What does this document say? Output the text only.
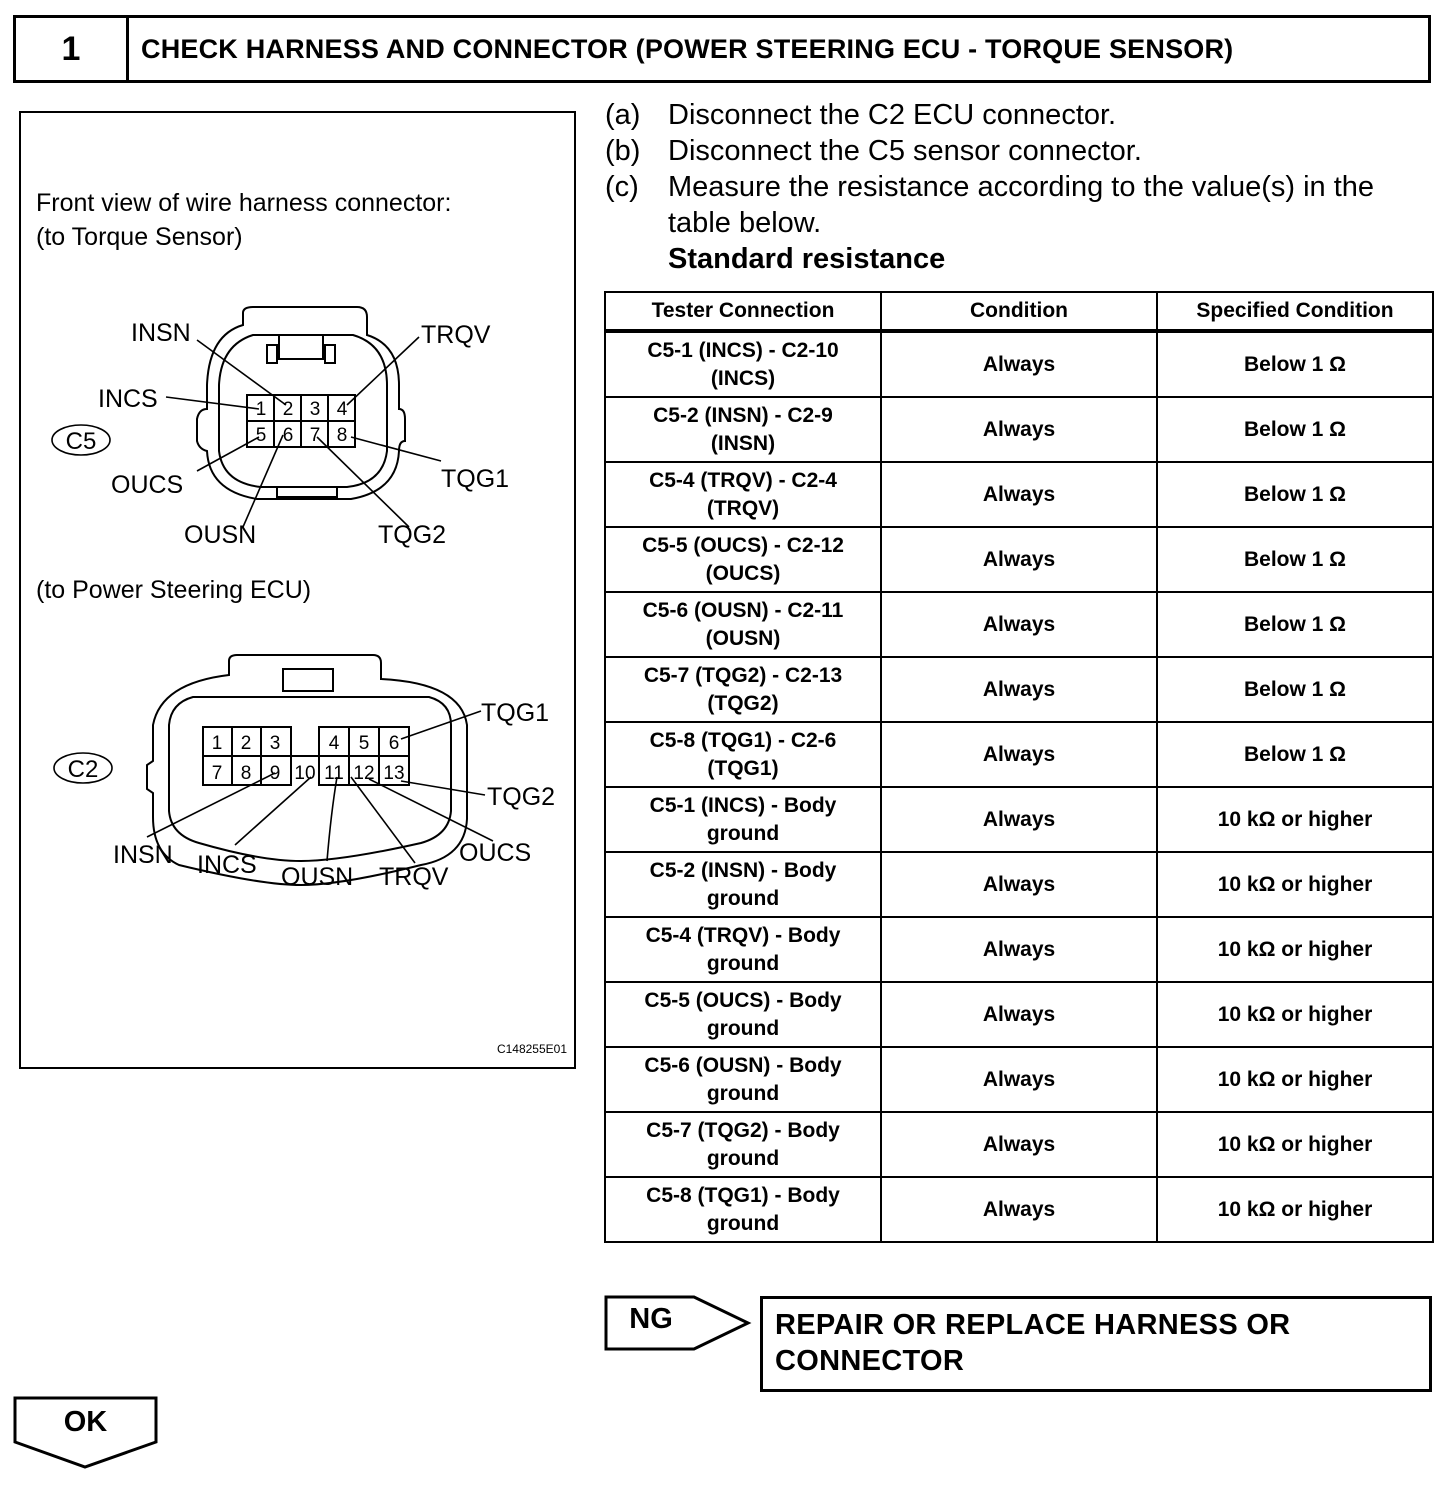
1	CHECK HARNESS AND CONNECTOR (POWER STEERING ECU - TORQUE SENSOR)
Front view of wire harness connector:
(to Torque Sensor)
(to Power Steering ECU)
1 2 3 4
5 6 7 8
INSN	TRQV
INCS
OUCS	TQG1
OUSN	TQG2
C5
1 2 3	4 5 6
7 8 9 10 11 12 13
TQG1
TQG2
INSN INCS OUSN TRQV
OUCS
C2
C148255E01
(a) Disconnect the C2 ECU connector.
(b) Disconnect the C5 sensor connector.
(c)	Measure the resistance according to the value(s) in the table below.
Standard resistance
Tester Connection	Condition	Specified Condition
C5-1 (INCS) - C2-10
(INCS)	Always	Below 1 Ω
C5-2 (INSN) - C2-9
(INSN)	Always	Below 1 Ω
C5-4 (TRQV) - C2-4
(TRQV)	Always	Below 1 Ω
C5-5 (OUCS) - C2-12
(OUCS)	Always	Below 1 Ω
C5-6 (OUSN) - C2-11
(OUSN)	Always	Below 1 Ω
C5-7 (TQG2) - C2-13
(TQG2)	Always	Below 1 Ω
C5-8 (TQG1) - C2-6
(TQG1)	Always	Below 1 Ω
C5-1 (INCS) - Body
ground	Always	10 kΩ or higher
C5-2 (INSN) - Body
ground	Always	10 kΩ or higher
C5-4 (TRQV) - Body
ground	Always	10 kΩ or higher
C5-5 (OUCS) - Body
ground	Always	10 kΩ or higher
C5-6 (OUSN) - Body
ground	Always	10 kΩ or higher
C5-7 (TQG2) - Body
ground	Always	10 kΩ or higher
C5-8 (TQG1) - Body
ground	Always	10 kΩ or higher
NG	REPAIR OR REPLACE HARNESS OR CONNECTOR
OK
